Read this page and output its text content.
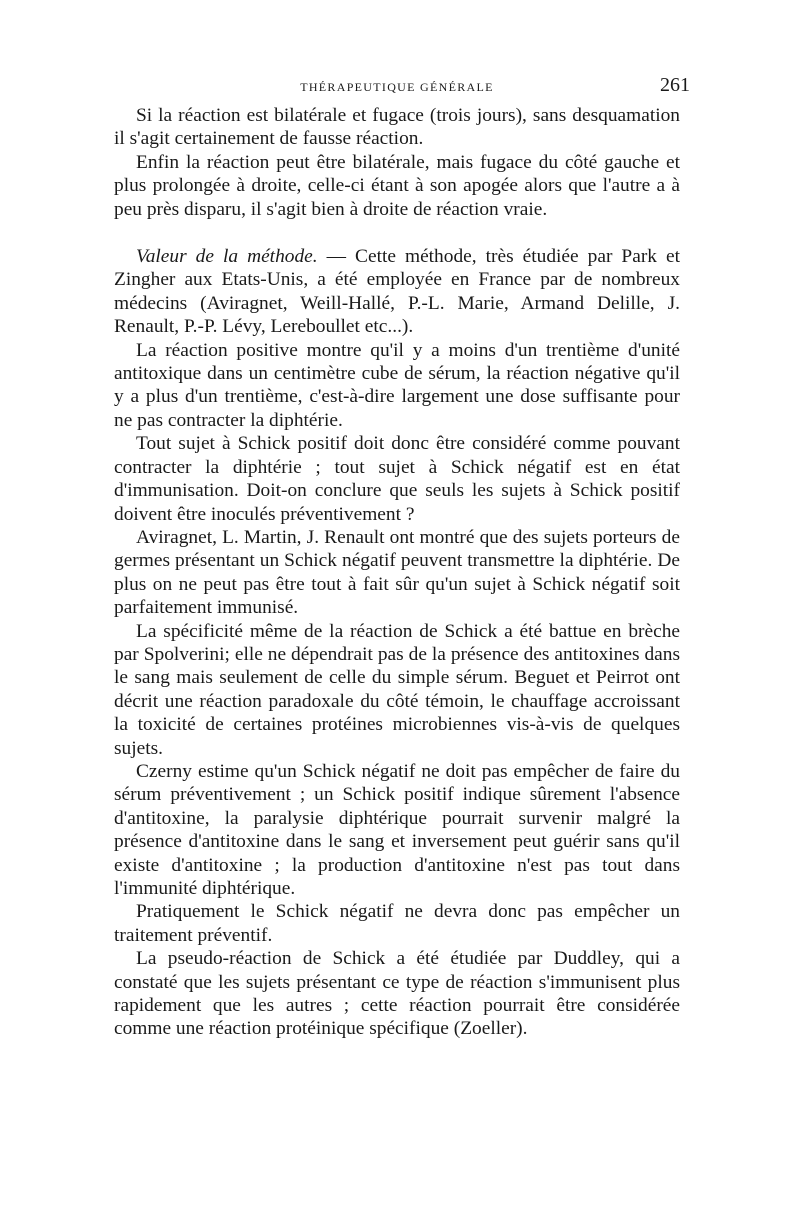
THÉRAPEUTIQUE GÉNÉRALE	261

Si la réaction est bilatérale et fugace (trois jours), sans desquamation il s'agit certainement de fausse réaction.

Enfin la réaction peut être bilatérale, mais fugace du côté gauche et plus prolongée à droite, celle-ci étant à son apogée alors que l'autre a à peu près disparu, il s'agit bien à droite de réaction vraie.

Valeur de la méthode. — Cette méthode, très étudiée par Park et Zingher aux Etats-Unis, a été employée en France par de nombreux médecins (Aviragnet, Weill-Hallé, P.-L. Marie, Armand Delille, J. Renault, P.-P. Lévy, Lereboullet etc...).

La réaction positive montre qu'il y a moins d'un trentième d'unité antitoxique dans un centimètre cube de sérum, la réaction négative qu'il y a plus d'un trentième, c'est-à-dire largement une dose suffisante pour ne pas contracter la diphtérie.

Tout sujet à Schick positif doit donc être considéré comme pouvant contracter la diphtérie ; tout sujet à Schick négatif est en état d'immunisation. Doit-on conclure que seuls les sujets à Schick positif doivent être inoculés préventivement ?

Aviragnet, L. Martin, J. Renault ont montré que des sujets porteurs de germes présentant un Schick négatif peuvent transmettre la diphtérie. De plus on ne peut pas être tout à fait sûr qu'un sujet à Schick négatif soit parfaitement immunisé.

La spécificité même de la réaction de Schick a été battue en brèche par Spolverini; elle ne dépendrait pas de la présence des antitoxines dans le sang mais seulement de celle du simple sérum. Beguet et Peirrot ont décrit une réaction paradoxale du côté témoin, le chauffage accroissant la toxicité de certaines protéines microbiennes vis-à-vis de quelques sujets.

Czerny estime qu'un Schick négatif ne doit pas empêcher de faire du sérum préventivement ; un Schick positif indique sûrement l'absence d'antitoxine, la paralysie diphtérique pourrait survenir malgré la présence d'antitoxine dans le sang et inversement peut guérir sans qu'il existe d'antitoxine ; la production d'antitoxine n'est pas tout dans l'immunité diphtérique.

Pratiquement le Schick négatif ne devra donc pas empêcher un traitement préventif.

La pseudo-réaction de Schick a été étudiée par Duddley, qui a constaté que les sujets présentant ce type de réaction s'immunisent plus rapidement que les autres ; cette réaction pourrait être considérée comme une réaction protéinique spécifique (Zoeller).
